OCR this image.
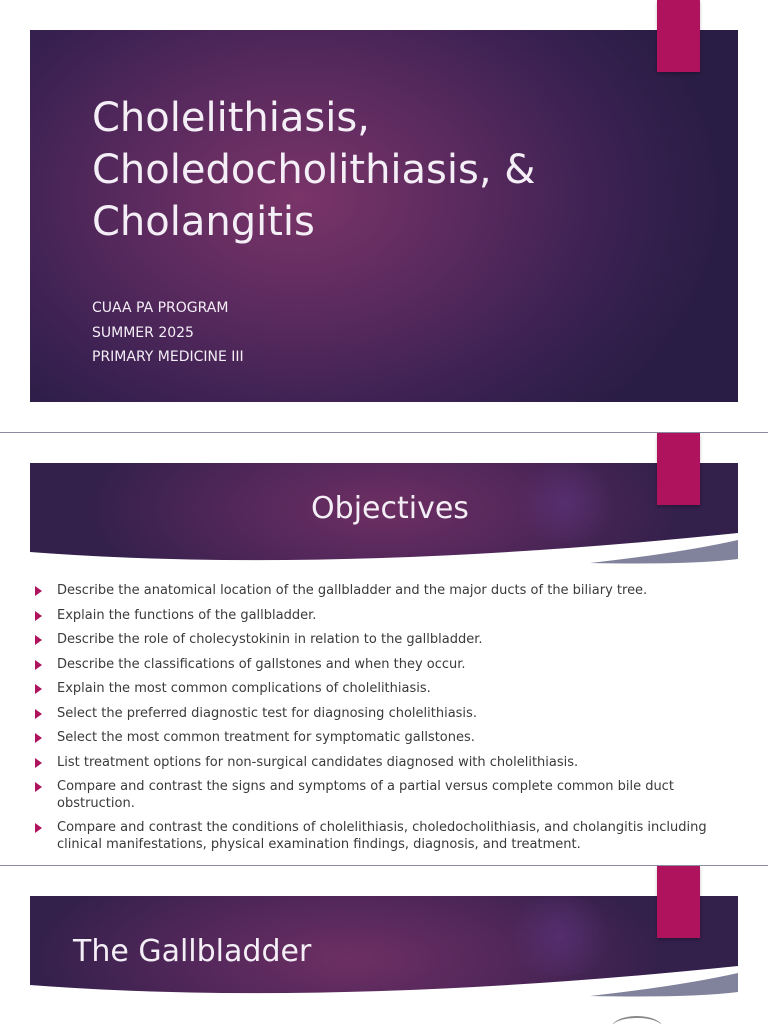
Cholelithiasis,
Choledocholithiasis, &
Cholangitis
CUAA PA PROGRAM
SUMMER 2025
PRIMARY MEDICINE III
Objectives
Describe the anatomical location of the gallbladder and the major ducts of the biliary tree.
Explain the functions of the gallbladder.
Describe the role of cholecystokinin in relation to the gallbladder.
Describe the classifications of gallstones and when they occur.
Explain the most common complications of cholelithiasis.
Select the preferred diagnostic test for diagnosing cholelithiasis.
Select the most common treatment for symptomatic gallstones.
List treatment options for non-surgical candidates diagnosed with cholelithiasis.
Compare and contrast the signs and symptoms of a partial versus complete common bile duct obstruction.
Compare and contrast the conditions of cholelithiasis, choledocholithiasis, and cholangitis including clinical manifestations, physical examination findings, diagnosis, and treatment.
The Gallbladder
